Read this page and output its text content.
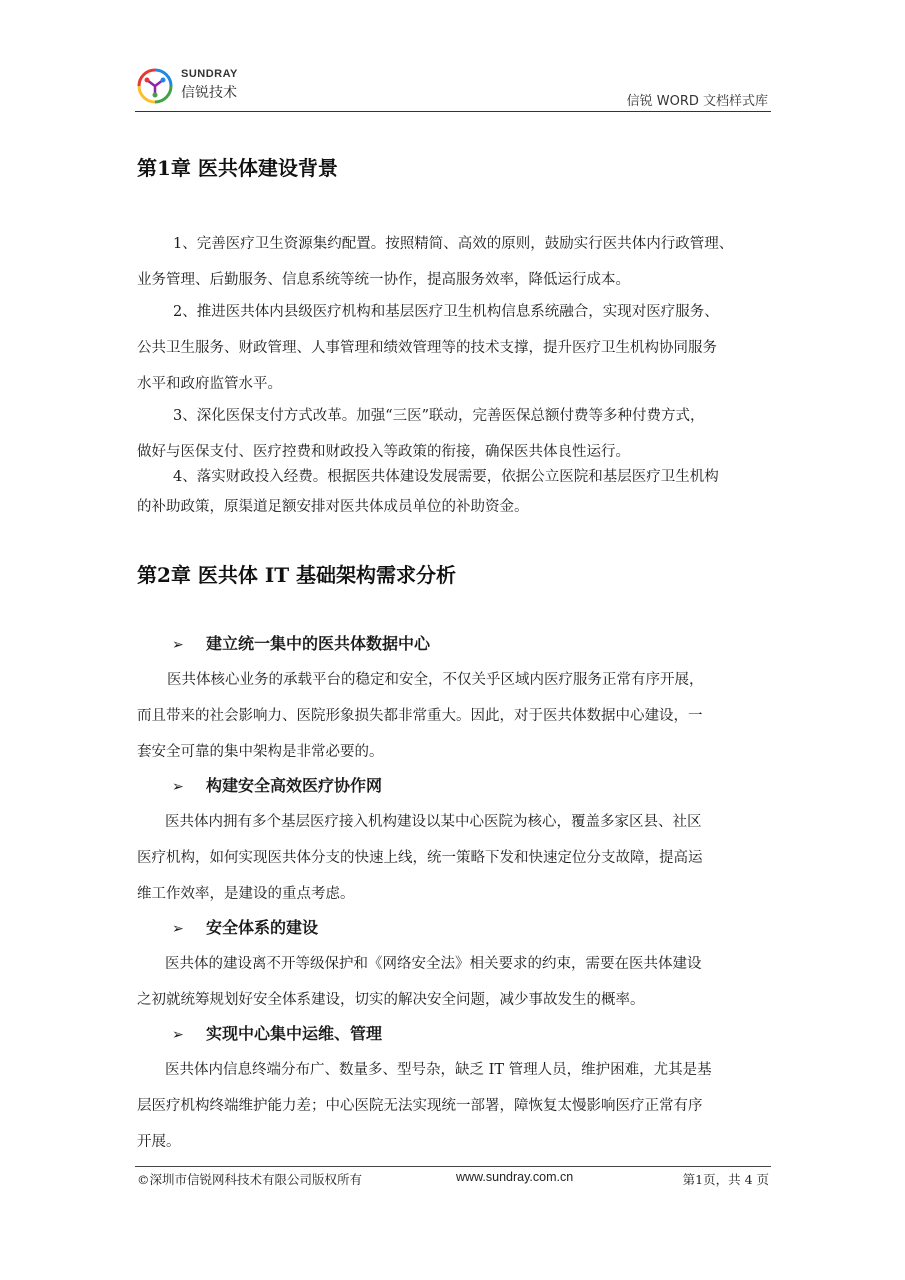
SUNDRAY
信锐技术
信锐 WORD 文档样式库
第1章 医共体建设背景
1、完善医疗卫生资源集约配置。按照精简、高效的原则，鼓励实行医共体内行政管理、
业务管理、后勤服务、信息系统等统一协作，提高服务效率，降低运行成本。
2、推进医共体内县级医疗机构和基层医疗卫生机构信息系统融合，实现对医疗服务、
公共卫生服务、财政管理、人事管理和绩效管理等的技术支撑，提升医疗卫生机构协同服务
水平和政府监管水平。
3、深化医保支付方式改革。加强“三医”联动，完善医保总额付费等多种付费方式，
做好与医保支付、医疗控费和财政投入等政策的衔接，确保医共体良性运行。
4、落实财政投入经费。根据医共体建设发展需要，依据公立医院和基层医疗卫生机构
的补助政策，原渠道足额安排对医共体成员单位的补助资金。
第2章 医共体 IT 基础架构需求分析
➢ 建立统一集中的医共体数据中心
医共体核心业务的承载平台的稳定和安全，不仅关乎区域内医疗服务正常有序开展，
而且带来的社会影响力、医院形象损失都非常重大。因此，对于医共体数据中心建设，一
套安全可靠的集中架构是非常必要的。
➢ 构建安全高效医疗协作网
医共体内拥有多个基层医疗接入机构建设以某中心医院为核心，覆盖多家区县、社区
医疗机构，如何实现医共体分支的快速上线，统一策略下发和快速定位分支故障，提高运
维工作效率，是建设的重点考虑。
➢ 安全体系的建设
医共体的建设离不开等级保护和《网络安全法》相关要求的约束，需要在医共体建设
之初就统筹规划好安全体系建设，切实的解决安全问题，减少事故发生的概率。
➢ 实现中心集中运维、管理
医共体内信息终端分布广、数量多、型号杂，缺乏 IT 管理人员，维护困难，尤其是基
层医疗机构终端维护能力差；中心医院无法实现统一部署，障恢复太慢影响医疗正常有序
开展。
©深圳市信锐网科技术有限公司版权所有	www.sundray.com.cn	第1页，共 4 页
